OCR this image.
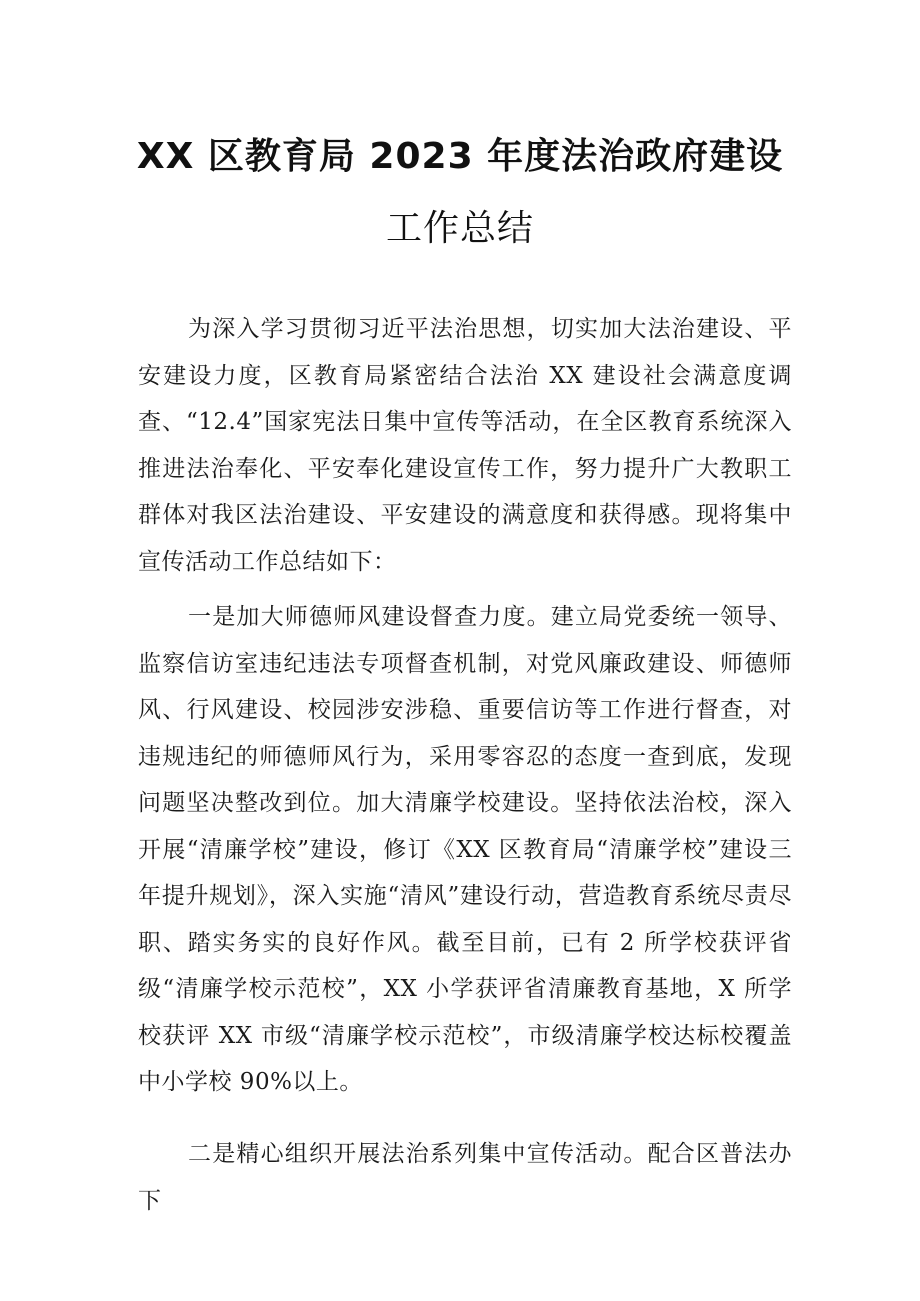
XX 区教育局 2023 年度法治政府建设
工作总结

为深入学习贯彻习近平法治思想，切实加大法治建设、平安建设力度，区教育局紧密结合法治 XX 建设社会满意度调查、“12.4”国家宪法日集中宣传等活动，在全区教育系统深入推进法治奉化、平安奉化建设宣传工作，努力提升广大教职工群体对我区法治建设、平安建设的满意度和获得感。现将集中宣传活动工作总结如下：

一是加大师德师风建设督查力度。建立局党委统一领导、监察信访室违纪违法专项督查机制，对党风廉政建设、师德师风、行风建设、校园涉安涉稳、重要信访等工作进行督查，对违规违纪的师德师风行为，采用零容忍的态度一查到底，发现问题坚决整改到位。加大清廉学校建设。坚持依法治校，深入开展“清廉学校”建设，修订《XX 区教育局“清廉学校”建设三年提升规划》，深入实施“清风”建设行动，营造教育系统尽责尽职、踏实务实的良好作风。截至目前，已有 2 所学校获评省级“清廉学校示范校”，XX 小学获评省清廉教育基地，X 所学校获评 XX 市级“清廉学校示范校”，市级清廉学校达标校覆盖中小学校 90%以上。

二是精心组织开展法治系列集中宣传活动。配合区普法办下
